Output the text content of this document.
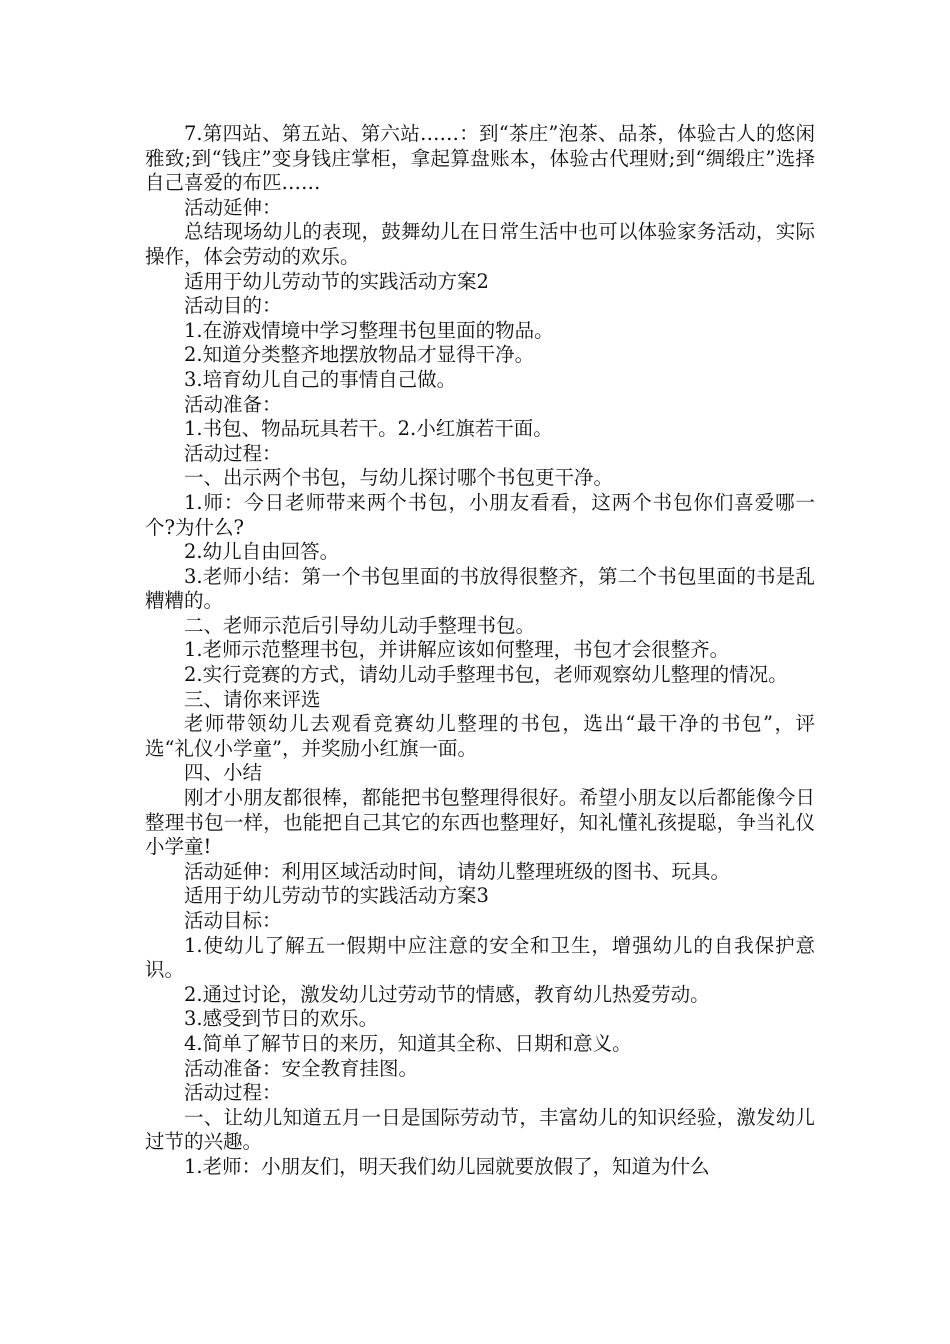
7.第四站、第五站、第六站……：到“茶庄”泡茶、品茶，体验古人的悠闲雅致;到“钱庄”变身钱庄掌柜，拿起算盘账本，体验古代理财;到“绸缎庄”选择自己喜爱的布匹……

活动延伸：

总结现场幼儿的表现，鼓舞幼儿在日常生活中也可以体验家务活动，实际操作，体会劳动的欢乐。

适用于幼儿劳动节的实践活动方案2

活动目的：

1.在游戏情境中学习整理书包里面的物品。

2.知道分类整齐地摆放物品才显得干净。

3.培育幼儿自己的事情自己做。

活动准备：

1.书包、物品玩具若干。2.小红旗若干面。

活动过程：

一、出示两个书包，与幼儿探讨哪个书包更干净。

1.师：今日老师带来两个书包，小朋友看看，这两个书包你们喜爱哪一个?为什么?

2.幼儿自由回答。

3.老师小结：第一个书包里面的书放得很整齐，第二个书包里面的书是乱糟糟的。

二、老师示范后引导幼儿动手整理书包。

1.老师示范整理书包，并讲解应该如何整理，书包才会很整齐。

2.实行竞赛的方式，请幼儿动手整理书包，老师观察幼儿整理的情况。

三、请你来评选

老师带领幼儿去观看竞赛幼儿整理的书包，选出“最干净的书包”，评选“礼仪小学童”，并奖励小红旗一面。

四、小结

刚才小朋友都很棒，都能把书包整理得很好。希望小朋友以后都能像今日整理书包一样，也能把自己其它的东西也整理好，知礼懂礼孩提聪，争当礼仪小学童!

活动延伸：利用区域活动时间，请幼儿整理班级的图书、玩具。

适用于幼儿劳动节的实践活动方案3

活动目标：

1.使幼儿了解五一假期中应注意的安全和卫生，增强幼儿的自我保护意识。

2.通过讨论，激发幼儿过劳动节的情感，教育幼儿热爱劳动。

3.感受到节日的欢乐。

4.简单了解节日的来历，知道其全称、日期和意义。

活动准备：安全教育挂图。

活动过程：

一、让幼儿知道五月一日是国际劳动节，丰富幼儿的知识经验，激发幼儿过节的兴趣。

1.老师：小朋友们，明天我们幼儿园就要放假了，知道为什么
